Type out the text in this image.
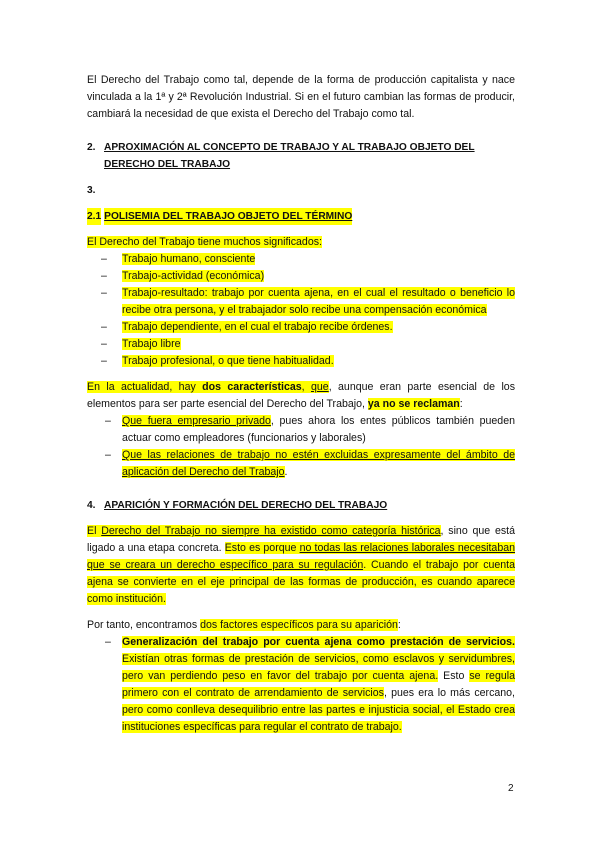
El Derecho del Trabajo como tal, depende de la forma de producción capitalista y nace vinculada a la 1ª y 2ª Revolución Industrial. Si en el futuro cambian las formas de producir, cambiará la necesidad de que exista el Derecho del Trabajo como tal.

2. APROXIMACIÓN AL CONCEPTO DE TRABAJO Y AL TRABAJO OBJETO DEL DERECHO DEL TRABAJO
3.
2.1 POLISEMIA DEL TRABAJO OBJETO DEL TÉRMINO

El Derecho del Trabajo tiene muchos significados:

–	Trabajo humano, consciente
–	Trabajo-actividad (económica)
–	Trabajo-resultado: trabajo por cuenta ajena, en el cual el resultado o beneficio lo recibe otra persona, y el trabajador solo recibe una compensación económica
–	Trabajo dependiente, en el cual el trabajo recibe órdenes.
–	Trabajo libre
–	Trabajo profesional, o que tiene habitualidad.

En la actualidad, hay dos características, que, aunque eran parte esencial de los elementos para ser parte esencial del Derecho del Trabajo, ya no se reclaman:

–	Que fuera empresario privado, pues ahora los entes públicos también pueden actuar como empleadores (funcionarios y laborales)
–	Que las relaciones de trabajo no estén excluidas expresamente del ámbito de aplicación del Derecho del Trabajo.
4. APARICIÓN Y FORMACIÓN DEL DERECHO DEL TRABAJO

El Derecho del Trabajo no siempre ha existido como categoría histórica, sino que está ligado a una etapa concreta. Esto es porque no todas las relaciones laborales necesitaban que se creara un derecho específico para su regulación. Cuando el trabajo por cuenta ajena se convierte en el eje principal de las formas de producción, es cuando aparece como institución.

Por tanto, encontramos dos factores específicos para su aparición:

–	Generalización del trabajo por cuenta ajena como prestación de servicios. Existían otras formas de prestación de servicios, como esclavos y servidumbres, pero van perdiendo peso en favor del trabajo por cuenta ajena. Esto se regula primero con el contrato de arrendamiento de servicios, pues era lo más cercano, pero como conlleva desequilibrio entre las partes e injusticia social, el Estado crea instituciones específicas para regular el contrato de trabajo.
2
